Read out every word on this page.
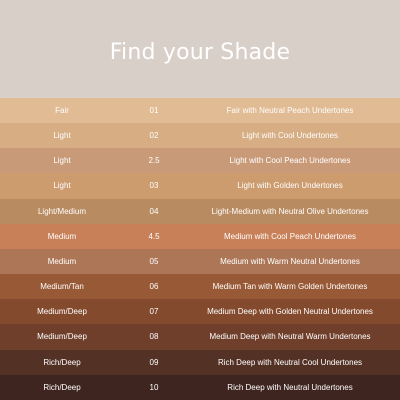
Find your Shade
Fair	01	Fair with Neutral Peach Undertones
Light	02	Light with Cool Undertones
Light	2.5	Light with Cool Peach Undertones
Light	03	Light with Golden Undertones
Light/Medium	04	Light-Medium with Neutral Olive Undertones
Medium	4.5	Medium with Cool Peach Undertones
Medium	05	Medium with Warm Neutral Undertones
Medium/Tan	06	Medium Tan with Warm Golden Undertones
Medium/Deep	07	Medium Deep with Golden Neutral Undertones
Medium/Deep	08	Medium Deep with Neutral Warm Undertones
Rich/Deep	09	Rich Deep with Neutral Cool Undertones
Rich/Deep	10	Rich Deep with Neutral Undertones
